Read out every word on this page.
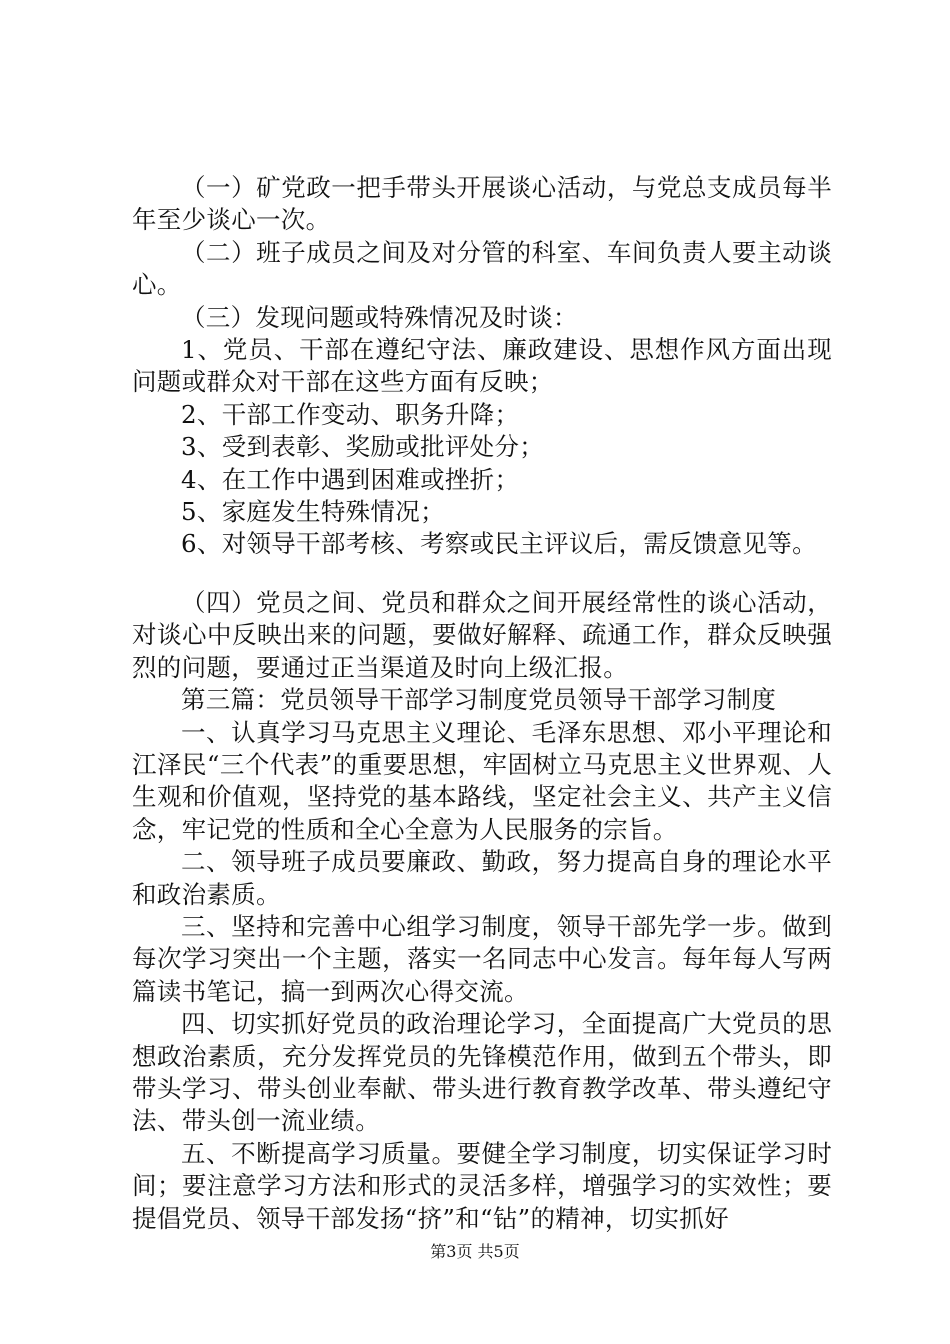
（一）矿党政一把手带头开展谈心活动，与党总支成员每半年至少谈心一次。

（二）班子成员之间及对分管的科室、车间负责人要主动谈心。

（三）发现问题或特殊情况及时谈：

1、党员、干部在遵纪守法、廉政建设、思想作风方面出现问题或群众对干部在这些方面有反映；

2、干部工作变动、职务升降；

3、受到表彰、奖励或批评处分；

4、在工作中遇到困难或挫折；

5、家庭发生特殊情况；

6、对领导干部考核、考察或民主评议后，需反馈意见等。

（四）党员之间、党员和群众之间开展经常性的谈心活动，对谈心中反映出来的问题，要做好解释、疏通工作，群众反映强烈的问题，要通过正当渠道及时向上级汇报。

第三篇：党员领导干部学习制度党员领导干部学习制度

一、认真学习马克思主义理论、毛泽东思想、邓小平理论和江泽民“三个代表”的重要思想，牢固树立马克思主义世界观、人生观和价值观，坚持党的基本路线，坚定社会主义、共产主义信念，牢记党的性质和全心全意为人民服务的宗旨。

二、领导班子成员要廉政、勤政，努力提高自身的理论水平和政治素质。

三、坚持和完善中心组学习制度，领导干部先学一步。做到每次学习突出一个主题，落实一名同志中心发言。每年每人写两篇读书笔记，搞一到两次心得交流。

四、切实抓好党员的政治理论学习，全面提高广大党员的思想政治素质，充分发挥党员的先锋模范作用，做到五个带头，即带头学习、带头创业奉献、带头进行教育教学改革、带头遵纪守法、带头创一流业绩。

五、不断提高学习质量。要健全学习制度，切实保证学习时间；要注意学习方法和形式的灵活多样，增强学习的实效性；要提倡党员、领导干部发扬“挤”和“钻”的精神，切实抓好

第3页 共5页
